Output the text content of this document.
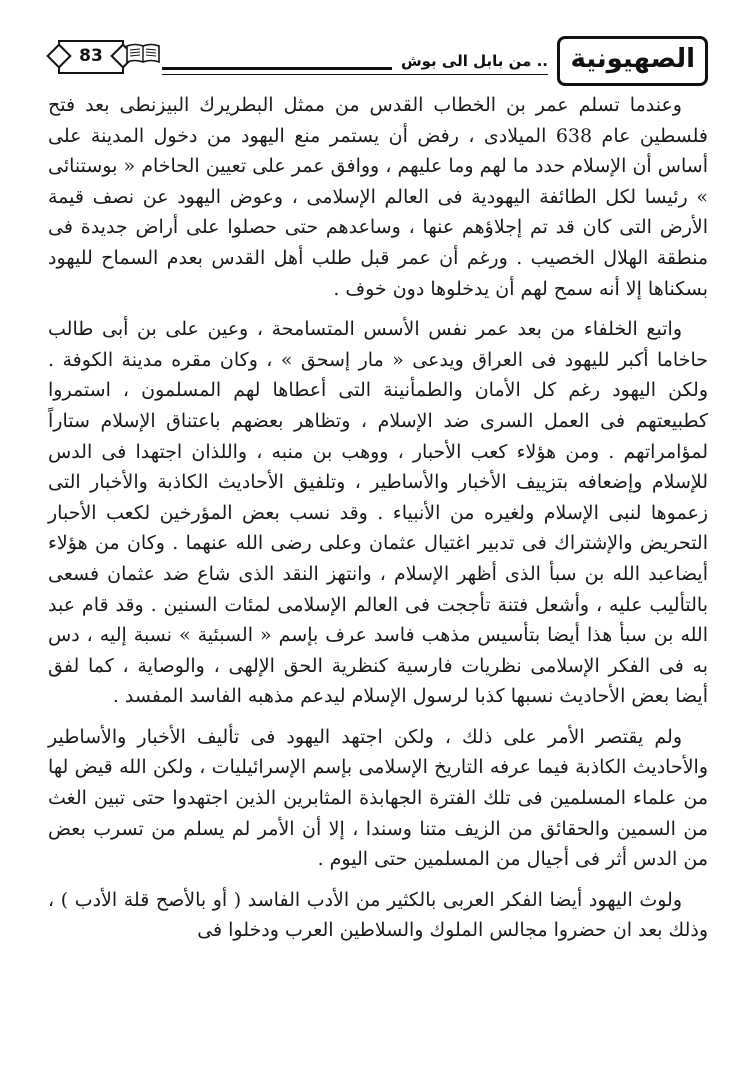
83	.. من بابل الى بوش الصهيونية

وعندما تسلم عمر بن الخطاب القدس من ممثل البطريرك البيزنطى بعد فتح فلسطين عام 638 الميلادى ، رفض أن يستمر منع اليهود من دخول المدينة على أساس أن الإسلام حدد ما لهم وما عليهم ، ووافق عمر على تعيين الحاخام « بوستنائى » رئيسا لكل الطائفة اليهودية فى العالم الإسلامى ، وعوض اليهود عن نصف قيمة الأرض التى كان قد تم إجلاؤهم عنها ، وساعدهم حتى حصلوا على أراض جديدة فى منطقة الهلال الخصيب . ورغم أن عمر قبل طلب أهل القدس بعدم السماح لليهود بسكناها إلا أنه سمح لهم أن يدخلوها دون خوف .

واتبع الخلفاء من بعد عمر نفس الأسس المتسامحة ، وعين على بن أبى طالب حاخاما أكبر لليهود فى العراق ويدعى « مار إسحق » ، وكان مقره مدينة الكوفة . ولكن اليهود رغم كل الأمان والطمأنينة التى أعطاها لهم المسلمون ، استمروا كطبيعتهم فى العمل السرى ضد الإسلام ، وتظاهر بعضهم باعتناق الإسلام ستاراً لمؤامراتهم . ومن هؤلاء كعب الأحبار ، ووهب بن منبه ، واللذان اجتهدا فى الدس للإسلام وإضعافه بتزييف الأخبار والأساطير ، وتلفيق الأحاديث الكاذبة والأخبار التى زعموها لنبى الإسلام ولغيره من الأنبياء . وقد نسب بعض المؤرخين لكعب الأحبار التحريض والإشتراك فى تدبير اغتيال عثمان وعلى رضى الله عنهما . وكان من هؤلاء أيضاعبد الله بن سبأ الذى أظهر الإسلام ، وانتهز النقد الذى شاع ضد عثمان فسعى بالتأليب عليه ، وأشعل فتنة تأججت فى العالم الإسلامى لمئات السنين . وقد قام عبد الله بن سبأ هذا أيضا بتأسيس مذهب فاسد عرف بإسم « السبئية » نسبة إليه ، دس به فى الفكر الإسلامى نظريات فارسية كنظرية الحق الإلهى ، والوصاية ، كما لفق أيضا بعض الأحاديث نسبها كذبا لرسول الإسلام ليدعم مذهبه الفاسد المفسد .

ولم يقتصر الأمر على ذلك ، ولكن اجتهد اليهود فى تأليف الأخبار والأساطير والأحاديث الكاذبة فيما عرفه التاريخ الإسلامى بإسم الإسرائيليات ، ولكن الله قيض لها من علماء المسلمين فى تلك الفترة الجهابذة المثابرين الذين اجتهدوا حتى تبين الغث من السمين والحقائق من الزيف متنا وسندا ، إلا أن الأمر لم يسلم من تسرب بعض من الدس أثر فى أجيال من المسلمين حتى اليوم .

ولوث اليهود أيضا الفكر العربى بالكثير من الأدب الفاسد ( أو بالأصح قلة الأدب ) ، وذلك بعد ان حضروا مجالس الملوك والسلاطين العرب ودخلوا فى
